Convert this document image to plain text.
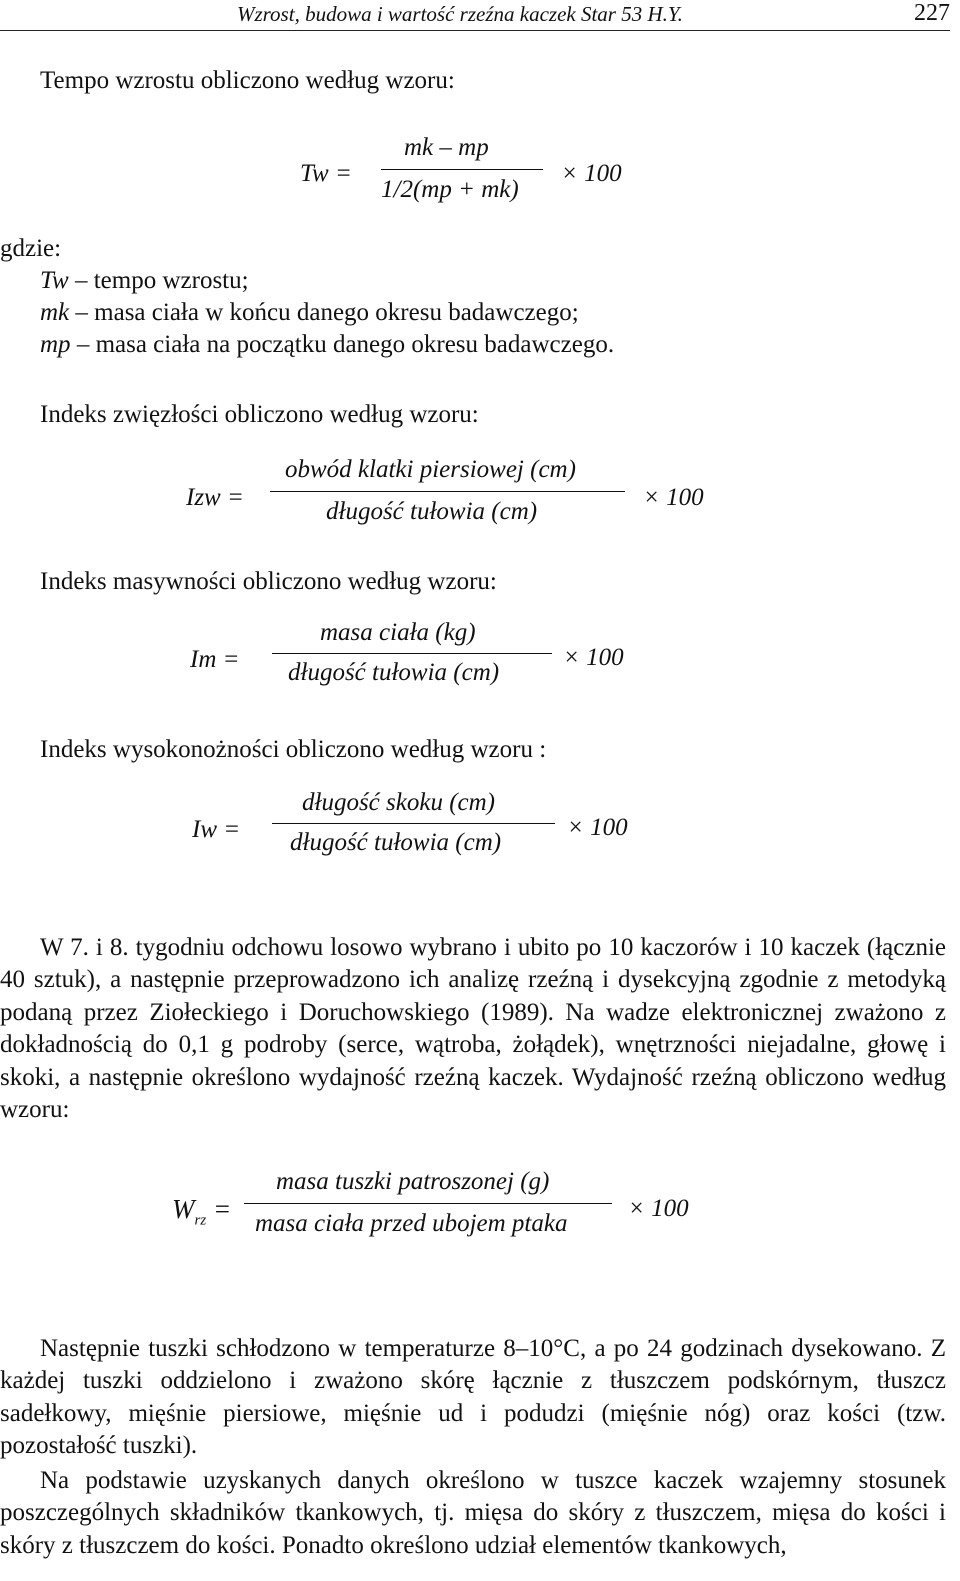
Wzrost, budowa i wartość rzeźna kaczek Star 53 H.Y.	227
Tempo wzrostu obliczono według wzoru:
Tw =
mk – mp
1/2(mp + mk)
× 100
gdzie:
Tw – tempo wzrostu;
mk – masa ciała w końcu danego okresu badawczego;
mp – masa ciała na początku danego okresu badawczego.
Indeks zwięzłości obliczono według wzoru:
Izw =
obwód klatki piersiowej (cm)
długość tułowia (cm)
× 100
Indeks masywności obliczono według wzoru:
Im =
masa ciała (kg)
długość tułowia (cm)
× 100
Indeks wysokonożności obliczono według wzoru :
Iw =
długość skoku (cm)
długość tułowia (cm)
× 100
W 7. i 8. tygodniu odchowu losowo wybrano i ubito po 10 kaczorów i 10 kaczek (łącznie 40 sztuk), a następnie przeprowadzono ich analizę rzeźną i dysekcyjną zgodnie z metodyką podaną przez Ziołeckiego i Doruchowskiego (1989). Na wadze elektronicznej zważono z dokładnością do 0,1 g podroby (serce, wątroba, żołądek), wnętrzności niejadalne, głowę i skoki, a następnie określono wydajność rzeźną kaczek. Wydajność rzeźną obliczono według wzoru:
$W_{rz}$ =
masa tuszki patroszonej (g)
masa ciała przed ubojem ptaka
× 100
Następnie tuszki schłodzono w temperaturze 8–10°C, a po 24 godzinach dysekowano. Z każdej tuszki oddzielono i zważono skórę łącznie z tłuszczem podskórnym, tłuszcz sadełkowy, mięśnie piersiowe, mięśnie ud i podudzi (mięśnie nóg) oraz kości (tzw. pozostałość tuszki).
Na podstawie uzyskanych danych określono w tuszce kaczek wzajemny stosunek poszczególnych składników tkankowych, tj. mięsa do skóry z tłuszczem, mięsa do kości i skóry z tłuszczem do kości. Ponadto określono udział elementów tkankowych,
